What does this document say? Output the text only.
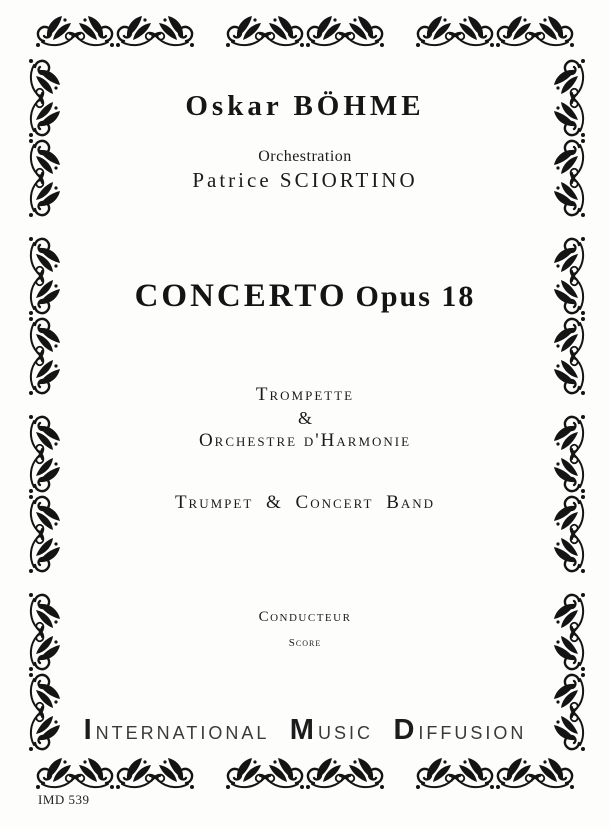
Oskar BÖHME
Orchestration
Patrice SCIORTINO
CONCERTO Opus 18
Trompette
&
Orchestre d'Harmonie
Trumpet & Concert Band
Conducteur
Score
INTERNATIONAL MUSIC DIFFUSION
IMD 539
